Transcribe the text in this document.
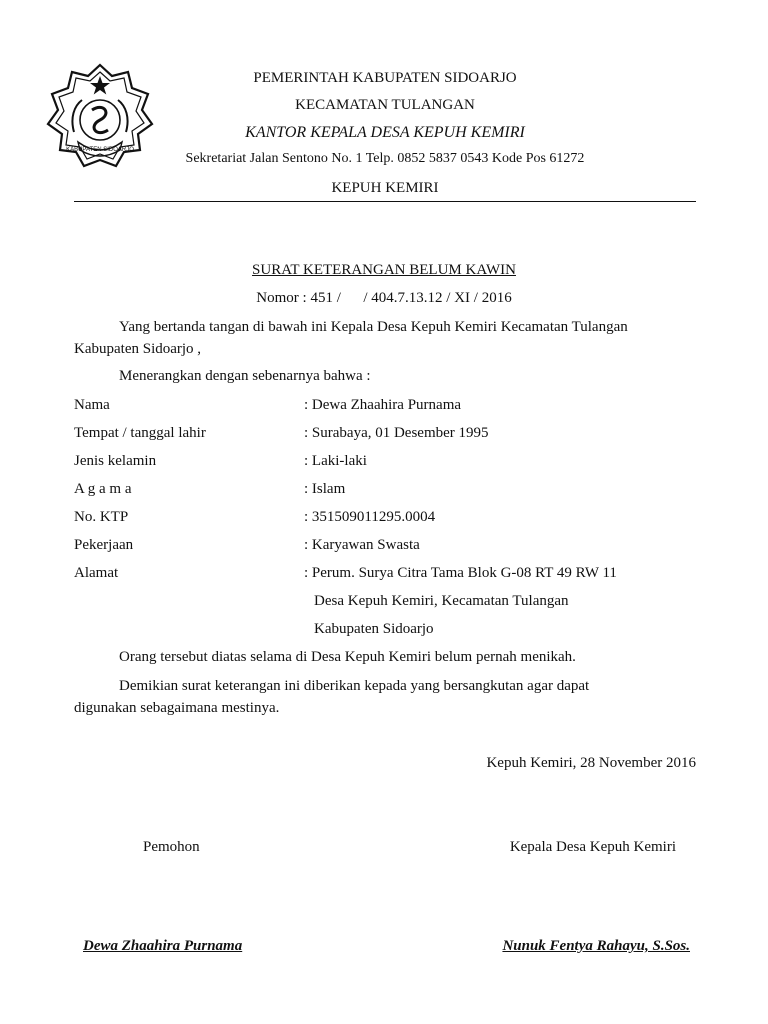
KABUPATEN SIDOARJO
PEMERINTAH KABUPATEN SIDOARJO
KECAMATAN TULANGAN
KANTOR KEPALA DESA KEPUH KEMIRI
Sekretariat Jalan Sentono No. 1 Telp. 0852 5837 0543 Kode Pos 61272
KEPUH KEMIRI
SURAT KETERANGAN BELUM KAWIN
Nomor : 451 /      / 404.7.13.12 / XI / 2016
Yang bertanda tangan di bawah ini Kepala Desa Kepuh Kemiri Kecamatan Tulangan
Kabupaten Sidoarjo ,
Menerangkan dengan sebenarnya bahwa :
Nama	: Dewa Zhaahira Purnama
Tempat / tanggal lahir	: Surabaya, 01 Desember 1995
Jenis kelamin	: Laki-laki
A g a m a	: Islam
No. KTP	: 351509011295.0004
Pekerjaan	: Karyawan Swasta
Alamat	: Perum. Surya Citra Tama Blok G-08 RT 49 RW 11
Desa Kepuh Kemiri, Kecamatan Tulangan
Kabupaten Sidoarjo
Orang tersebut diatas selama di Desa Kepuh Kemiri belum pernah menikah.
Demikian surat keterangan ini diberikan kepada yang bersangkutan agar dapat
digunakan sebagaimana mestinya.
Kepuh Kemiri, 28 November 2016
Pemohon	Kepala Desa Kepuh Kemiri
Dewa Zhaahira Purnama	Nunuk Fentya Rahayu, S.Sos.
